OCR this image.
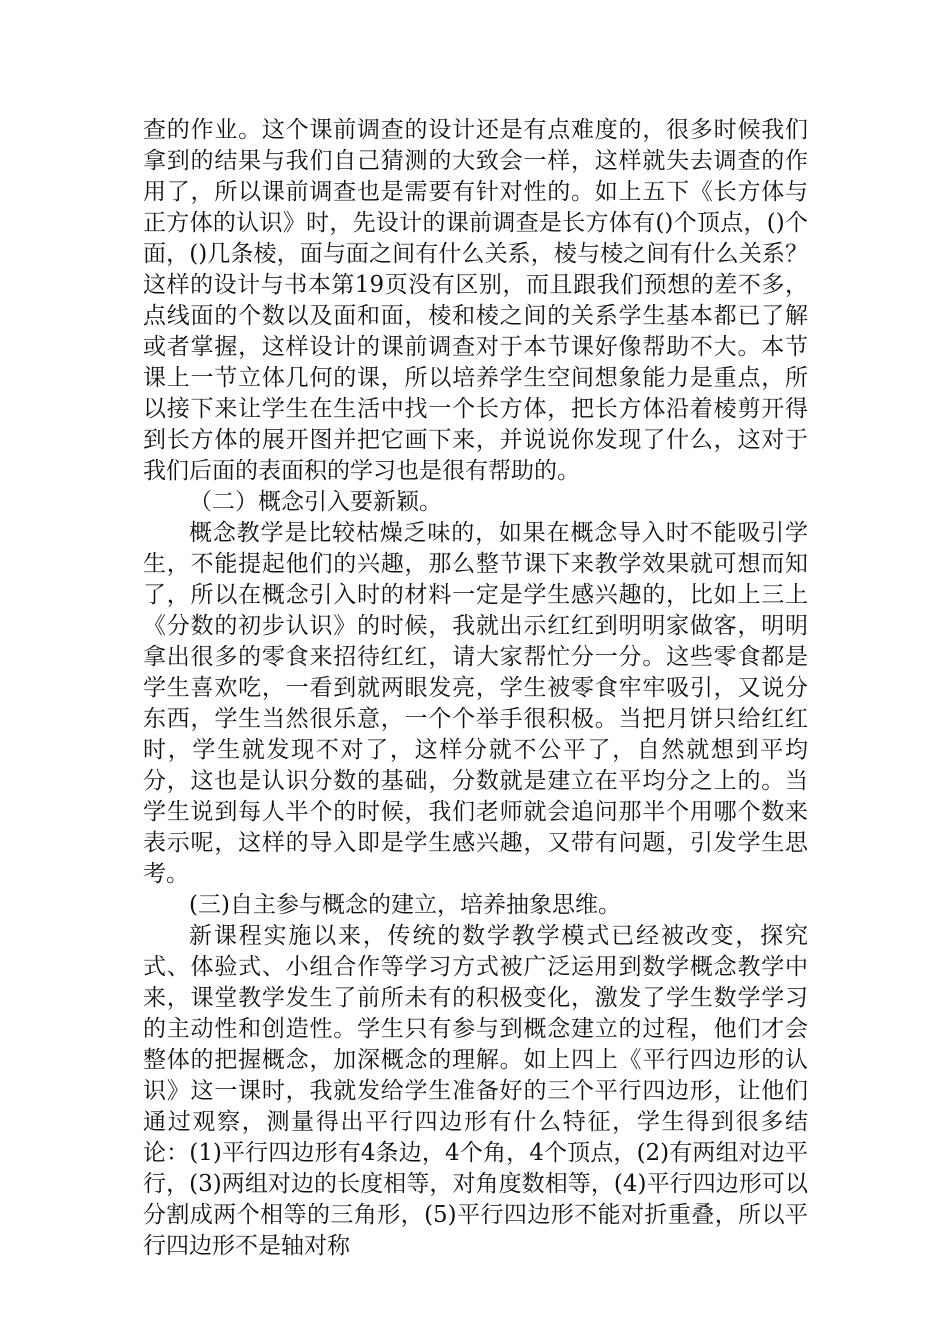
查的作业。这个课前调查的设计还是有点难度的，很多时候我们拿到的结果与我们自己猜测的大致会一样，这样就失去调查的作用了，所以课前调查也是需要有针对性的。如上五下《长方体与正方体的认识》时，先设计的课前调查是长方体有()个顶点，()个面，()几条棱，面与面之间有什么关系，棱与棱之间有什么关系？这样的设计与书本第19页没有区别，而且跟我们预想的差不多，点线面的个数以及面和面，棱和棱之间的关系学生基本都已了解或者掌握，这样设计的课前调查对于本节课好像帮助不大。本节课上一节立体几何的课，所以培养学生空间想象能力是重点，所以接下来让学生在生活中找一个长方体，把长方体沿着棱剪开得到长方体的展开图并把它画下来，并说说你发现了什么，这对于我们后面的表面积的学习也是很有帮助的。

（二）概念引入要新颖。

概念教学是比较枯燥乏味的，如果在概念导入时不能吸引学生，不能提起他们的兴趣，那么整节课下来教学效果就可想而知了，所以在概念引入时的材料一定是学生感兴趣的，比如上三上《分数的初步认识》的时候，我就出示红红到明明家做客，明明拿出很多的零食来招待红红，请大家帮忙分一分。这些零食都是学生喜欢吃，一看到就两眼发亮，学生被零食牢牢吸引，又说分东西，学生当然很乐意，一个个举手很积极。当把月饼只给红红时，学生就发现不对了，这样分就不公平了，自然就想到平均分，这也是认识分数的基础，分数就是建立在平均分之上的。当学生说到每人半个的时候，我们老师就会追问那半个用哪个数来表示呢，这样的导入即是学生感兴趣，又带有问题，引发学生思考。

(三)自主参与概念的建立，培养抽象思维。

新课程实施以来，传统的数学教学模式已经被改变，探究式、体验式、小组合作等学习方式被广泛运用到数学概念教学中来，课堂教学发生了前所未有的积极变化，激发了学生数学学习的主动性和创造性。学生只有参与到概念建立的过程，他们才会整体的把握概念，加深概念的理解。如上四上《平行四边形的认识》这一课时，我就发给学生准备好的三个平行四边形，让他们通过观察，测量得出平行四边形有什么特征，学生得到很多结论：(1)平行四边形有4条边，4个角，4个顶点，(2)有两组对边平行，(3)两组对边的长度相等，对角度数相等，(4)平行四边形可以分割成两个相等的三角形，(5)平行四边形不能对折重叠，所以平行四边形不是轴对称
